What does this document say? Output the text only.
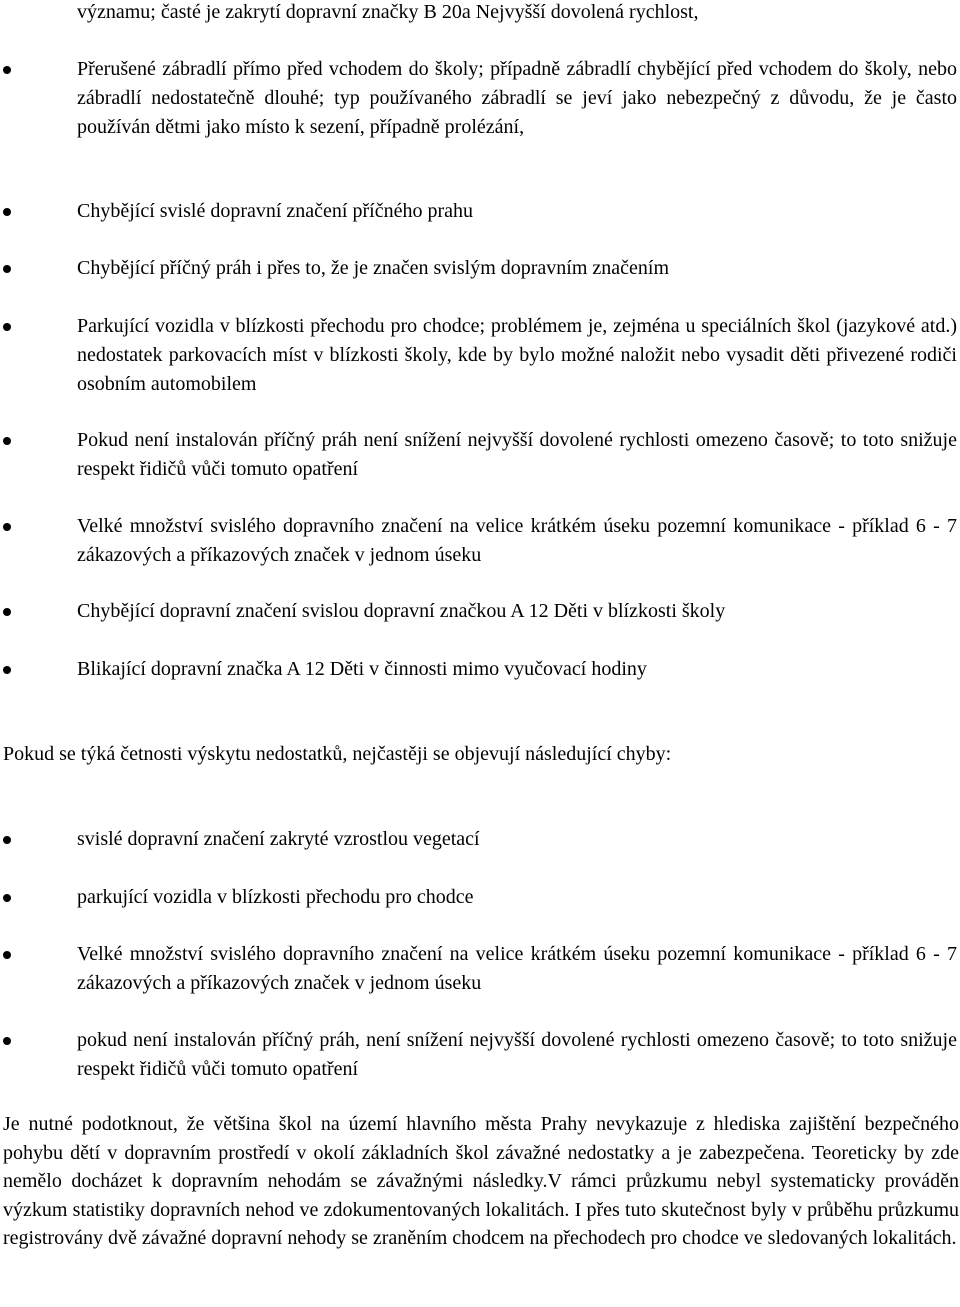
významu; časté je zakrytí dopravní značky B 20a Nejvyšší dovolená rychlost,
Přerušené zábradlí přímo před vchodem do školy; případně zábradlí chybějící před vchodem do školy, nebo zábradlí nedostatečně dlouhé; typ používaného zábradlí se jeví jako nebezpečný z důvodu, že je často používán dětmi jako místo k sezení, případně prolézání,
Chybějící svislé dopravní značení příčného prahu
Chybějící příčný práh i přes to, že je značen svislým dopravním značením
Parkující vozidla v blízkosti přechodu pro chodce; problémem je, zejména u speciálních škol (jazykové atd.) nedostatek parkovacích míst v blízkosti školy, kde by bylo možné naložit nebo vysadit děti přivezené rodiči osobním automobilem
Pokud není instalován příčný práh není snížení nejvyšší dovolené rychlosti omezeno časově; to toto snižuje respekt řidičů vůči tomuto opatření
Velké množství svislého dopravního značení na velice krátkém úseku pozemní komunikace - příklad 6 - 7 zákazových a příkazových značek v jednom úseku
Chybějící dopravní značení svislou dopravní značkou A 12 Děti v blízkosti školy
Blikající dopravní značka A 12 Děti v činnosti mimo vyučovací hodiny
Pokud se týká četnosti výskytu nedostatků, nejčastěji se objevují následující chyby:
svislé dopravní značení zakryté vzrostlou vegetací
parkující vozidla v blízkosti přechodu pro chodce
Velké množství svislého dopravního značení na velice krátkém úseku pozemní komunikace - příklad 6 - 7 zákazových a příkazových značek v jednom úseku
pokud není instalován příčný práh, není snížení nejvyšší dovolené rychlosti omezeno časově; to toto snižuje respekt řidičů vůči tomuto opatření
Je nutné podotknout, že většina škol na území hlavního města Prahy nevykazuje z hlediska zajištění bezpečného pohybu dětí v dopravním prostředí v okolí základních škol závažné nedostatky a je zabezpečena. Teoreticky by zde nemělo docházet k dopravním nehodám se závažnými následky.V rámci průzkumu nebyl systematicky prováděn výzkum statistiky dopravních nehod ve zdokumentovaných lokalitách. I přes tuto skutečnost byly v průběhu průzkumu registrovány dvě závažné dopravní nehody se zraněním chodcem na přechodech pro chodce ve sledovaných lokalitách.
